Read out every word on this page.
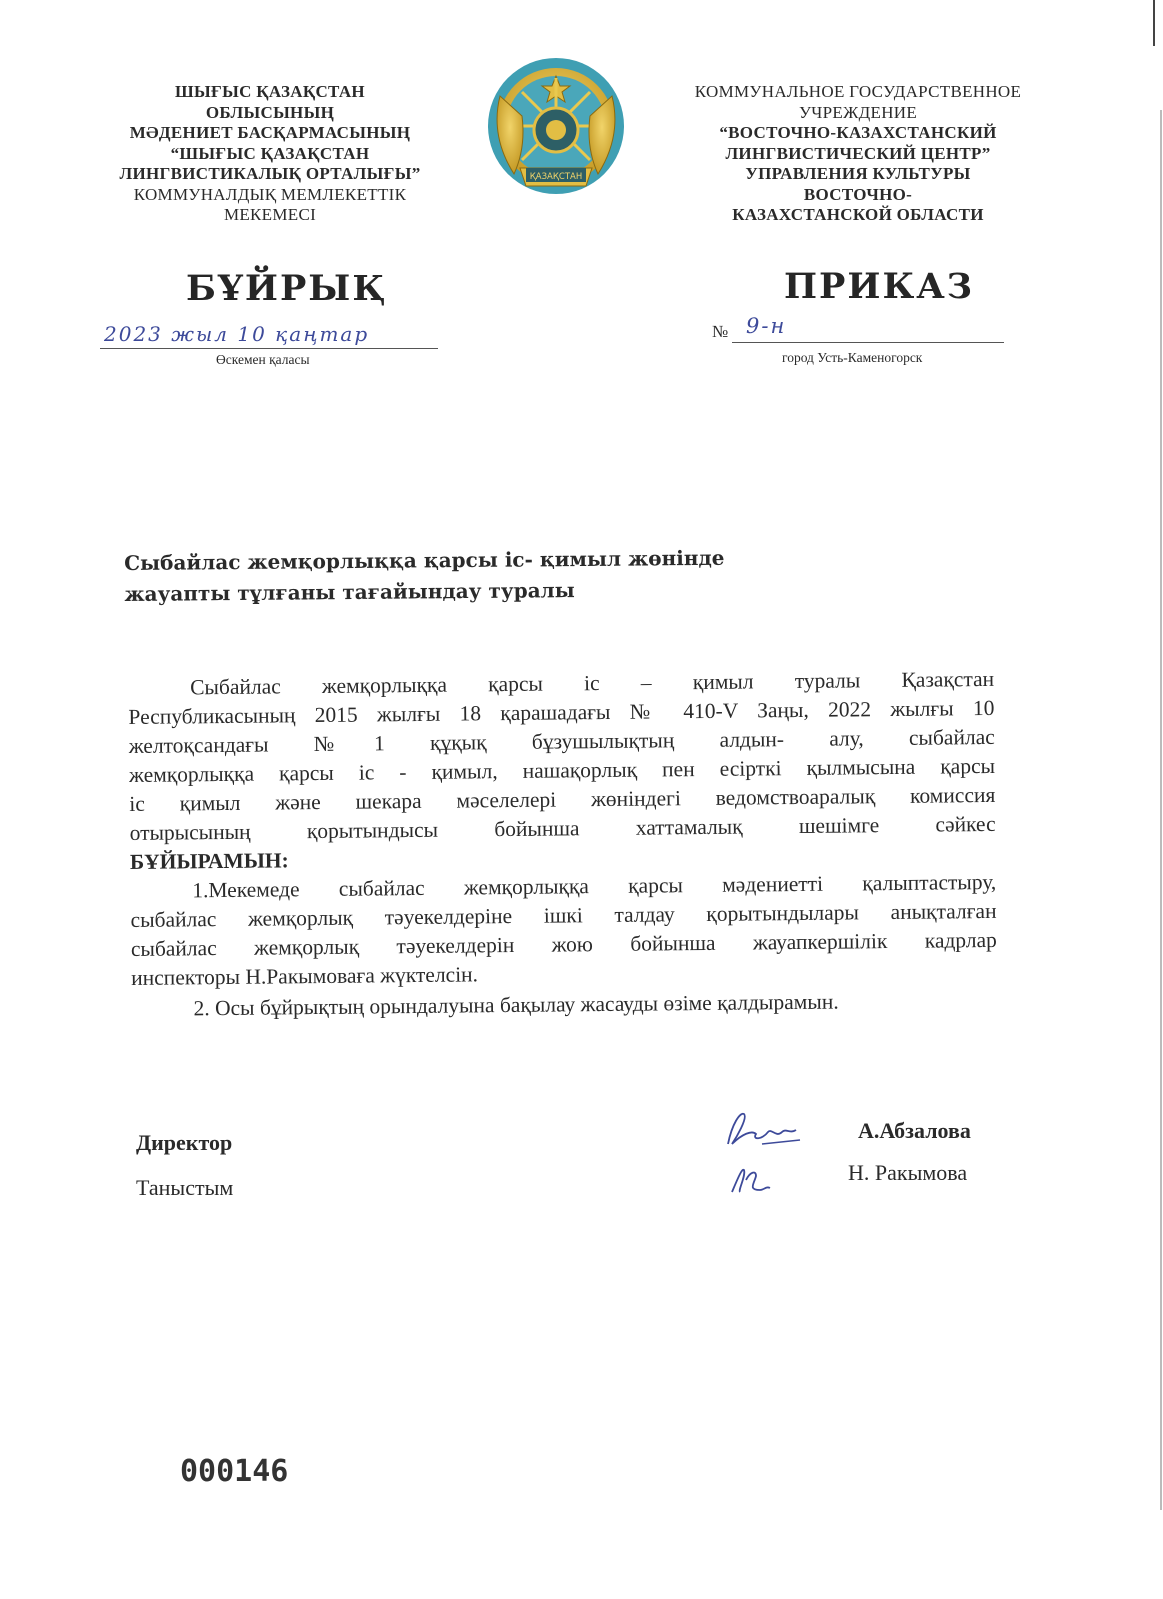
ШЫҒЫС ҚАЗАҚСТАН
ОБЛЫСЫНЫҢ
МӘДЕНИЕТ БАСҚАРМАСЫНЫҢ
“ШЫҒЫС ҚАЗАҚСТАН
ЛИНГВИСТИКАЛЫҚ ОРТАЛЫҒЫ”
КОММУНАЛДЫҚ МЕМЛЕКЕТТІК
МЕКЕМЕСІ
ҚАЗАҚСТАН
КОММУНАЛЬНОЕ ГОСУДАРСТВЕННОЕ
УЧРЕЖДЕНИЕ
“ВОСТОЧНО-КАЗАХСТАНСКИЙ
ЛИНГВИСТИЧЕСКИЙ ЦЕНТР”
УПРАВЛЕНИЯ КУЛЬТУРЫ
ВОСТОЧНО-
КАЗАХСТАНСКОЙ ОБЛАСТИ
БҰЙРЫҚ	ПРИКАЗ
2023 жыл 10 қаңтар
Өскемен қаласы
№ 9-н
город Усть-Каменогорск
Сыбайлас жемқорлыққа қарсы іс- қимыл жөнінде
жауапты тұлғаны тағайындау туралы

Сыбайлас жемқорлыққа қарсы іс – қимыл туралы Қазақстан

Республикасының 2015 жылғы 18 қарашадағы № 410-V Заңы, 2022 жылғы 10

желтоқсандағы №1 құқық бұзушылықтың алдын- алу, сыбайлас

жемқорлыққа қарсы іс - қимыл, нашақорлық пен есірткі қылмысына қарсы

іс қимыл және шекара мәселелері жөніндегі ведомствоаралық комиссия

отырысының қорытындысы бойынша хаттамалық шешімге сәйкес

БҰЙЫРАМЫН:

1.Мекемеде сыбайлас жемқорлыққа қарсы мәдениетті қалыптастыру,

сыбайлас жемқорлық тәуекелдеріне ішкі талдау қорытындылары анықталған

сыбайлас жемқорлық тәуекелдерін жою бойынша жауапкершілік кадрлар

инспекторы Н.Ракымоваға жүктелсін.

2. Осы бұйрықтың орындалуына бақылау жасауды өзіме қалдырамын.

Директор	А.Абзалова
Таныстым
Н. Ракымова
000146
